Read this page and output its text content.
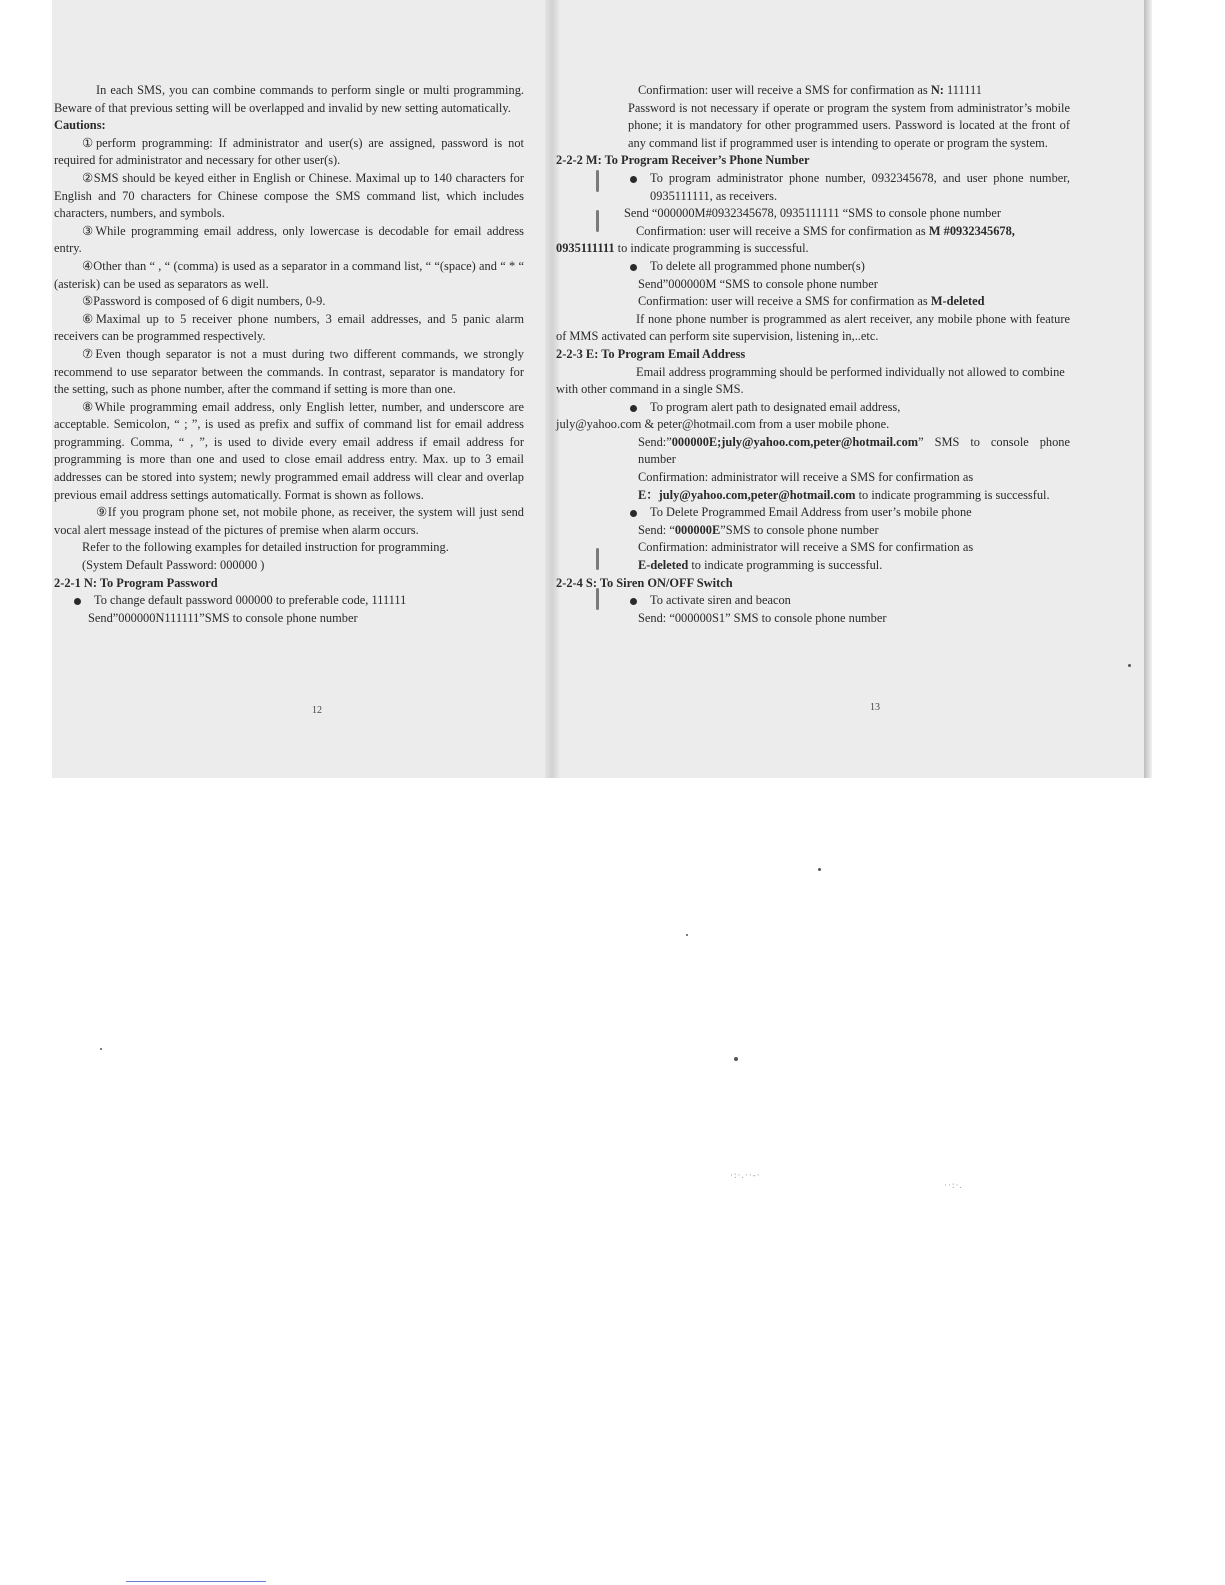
In each SMS, you can combine commands to perform single or multi programming. Beware of that previous setting will be overlapped and invalid by new setting automatically.

Cautions:

①perform programming: If administrator and user(s) are assigned, password is not required for administrator and necessary for other user(s).

②SMS should be keyed either in English or Chinese. Maximal up to 140 characters for English and 70 characters for Chinese compose the SMS command list, which includes characters, numbers, and symbols.

③While programming email address, only lowercase is decodable for email address entry.

④Other than “ , “ (comma) is used as a separator in a command list, “ “(space) and “ * “ (asterisk) can be used as separators as well.

⑤Password is composed of 6 digit numbers, 0-9.

⑥Maximal up to 5 receiver phone numbers, 3 email addresses, and 5 panic alarm receivers can be programmed respectively.

⑦Even though separator is not a must during two different commands, we strongly recommend to use separator between the commands. In contrast, separator is mandatory for the setting, such as phone number, after the command if setting is more than one.

⑧While programming email address, only English letter, number, and underscore are acceptable. Semicolon, “ ; ”, is used as prefix and suffix of command list for email address programming. Comma, “ , ”, is used to divide every email address if email address for programming is more than one and used to close email address entry. Max. up to 3 email addresses can be stored into system; newly programmed email address will clear and overlap previous email address settings automatically. Format is shown as follows.

⑨If you program phone set, not mobile phone, as receiver, the system will just send vocal alert message instead of the pictures of premise when alarm occurs.

Refer to the following examples for detailed instruction for programming.

(System Default Password: 000000 )

2-2-1 N: To Program Password

To change default password 000000 to preferable code, 111111

Send”000000N111111”SMS to console phone number

12

Confirmation: user will receive a SMS for confirmation as N: 111111

Password is not necessary if operate or program the system from administrator’s mobile phone; it is mandatory for other programmed users. Password is located at the front of any command list if programmed user is intending to operate or program the system.

2-2-2 M: To Program Receiver’s Phone Number

To program administrator phone number, 0932345678, and user phone number, 0935111111, as receivers.

Send “000000M#0932345678, 0935111111 “SMS to console phone number

Confirmation: user will receive a SMS for confirmation as M #0932345678,

0935111111 to indicate programming is successful.

To delete all programmed phone number(s)

Send”000000M “SMS to console phone number

Confirmation: user will receive a SMS for confirmation as M-deleted

If none phone number is programmed as alert receiver, any mobile phone with feature of MMS activated can perform site supervision, listening in,..etc.

2-2-3 E: To Program Email Address

Email address programming should be performed individually not allowed to combine

with other command in a single SMS.

To program alert path to designated email address,

july@yahoo.com & peter@hotmail.com from a user mobile phone.

Send:”000000E;july@yahoo.com,peter@hotmail.com” SMS to console phone number

Confirmation: administrator will receive a SMS for confirmation as

E：july@yahoo.com,peter@hotmail.com to indicate programming is successful.

To Delete Programmed Email Address from user’s mobile phone

Send: “000000E”SMS to console phone number

Confirmation: administrator will receive a SMS for confirmation as

E-deleted to indicate programming is successful.

2-2-4 S: To Siren ON/OFF Switch

To activate siren and beacon

Send: “000000S1” SMS to console phone number

13
·:·.··-·
··:·.
